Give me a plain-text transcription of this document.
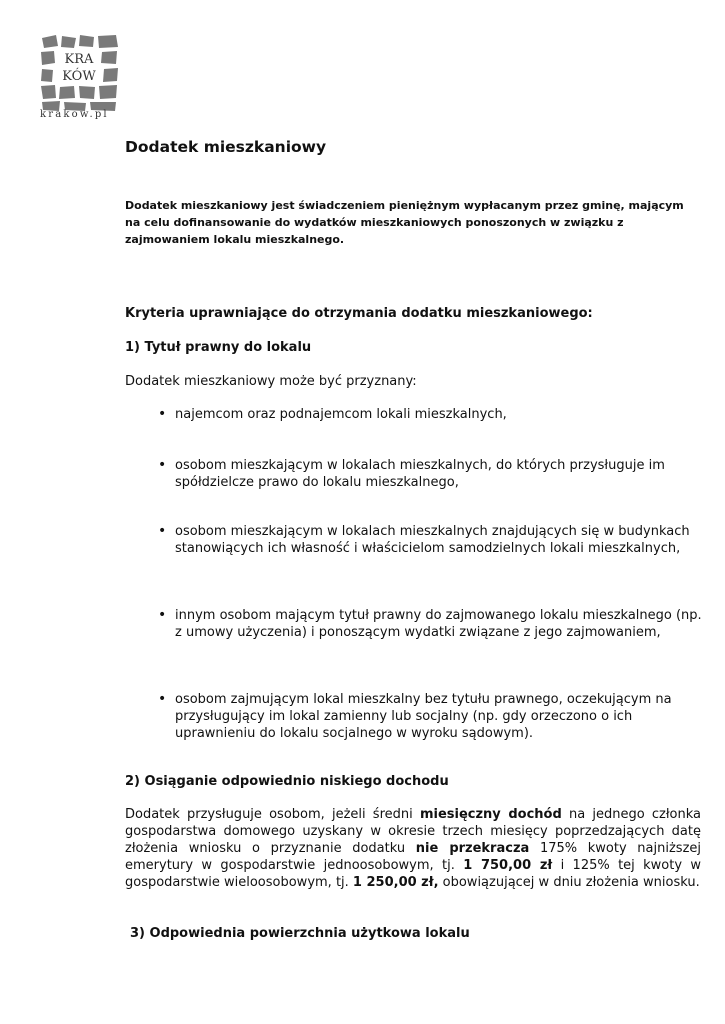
KRA
KÓW
krakow.pl
Dodatek mieszkaniowy

Dodatek mieszkaniowy jest świadczeniem pieniężnym wypłacanym przez gminę, mającym na celu dofinansowanie do wydatków mieszkaniowych ponoszonych w związku z zajmowaniem lokalu mieszkalnego.

Kryteria uprawniające do otrzymania dodatku mieszkaniowego:
1) Tytuł prawny do lokalu

Dodatek mieszkaniowy może być przyznany:

• najemcom oraz podnajemcom lokali mieszkalnych,
• osobom mieszkającym w lokalach mieszkalnych, do których przysługuje im spółdzielcze prawo do lokalu mieszkalnego,
• osobom mieszkającym w lokalach mieszkalnych znajdujących się w budynkach stanowiących ich własność i właścicielom samodzielnych lokali mieszkalnych,
• innym osobom mającym tytuł prawny do zajmowanego lokalu mieszkalnego (np. z umowy użyczenia) i ponoszącym wydatki związane z jego zajmowaniem,
• osobom zajmującym lokal mieszkalny bez tytułu prawnego, oczekującym na przysługujący im lokal zamienny lub socjalny (np. gdy orzeczono o ich uprawnieniu do lokalu socjalnego w wyroku sądowym).
2) Osiąganie odpowiednio niskiego dochodu

Dodatek przysługuje osobom, jeżeli średni miesięczny dochód na jednego członka gospodarstwa domowego uzyskany w okresie trzech miesięcy poprzedzających datę złożenia wniosku o przyznanie dodatku nie przekracza 175% kwoty najniższej emerytury w gospodarstwie jednoosobowym, tj. 1 750,00 zł i 125% tej kwoty w gospodarstwie wieloosobowym, tj. 1 250,00 zł, obowiązującej w dniu złożenia wniosku.

3) Odpowiednia powierzchnia użytkowa lokalu
